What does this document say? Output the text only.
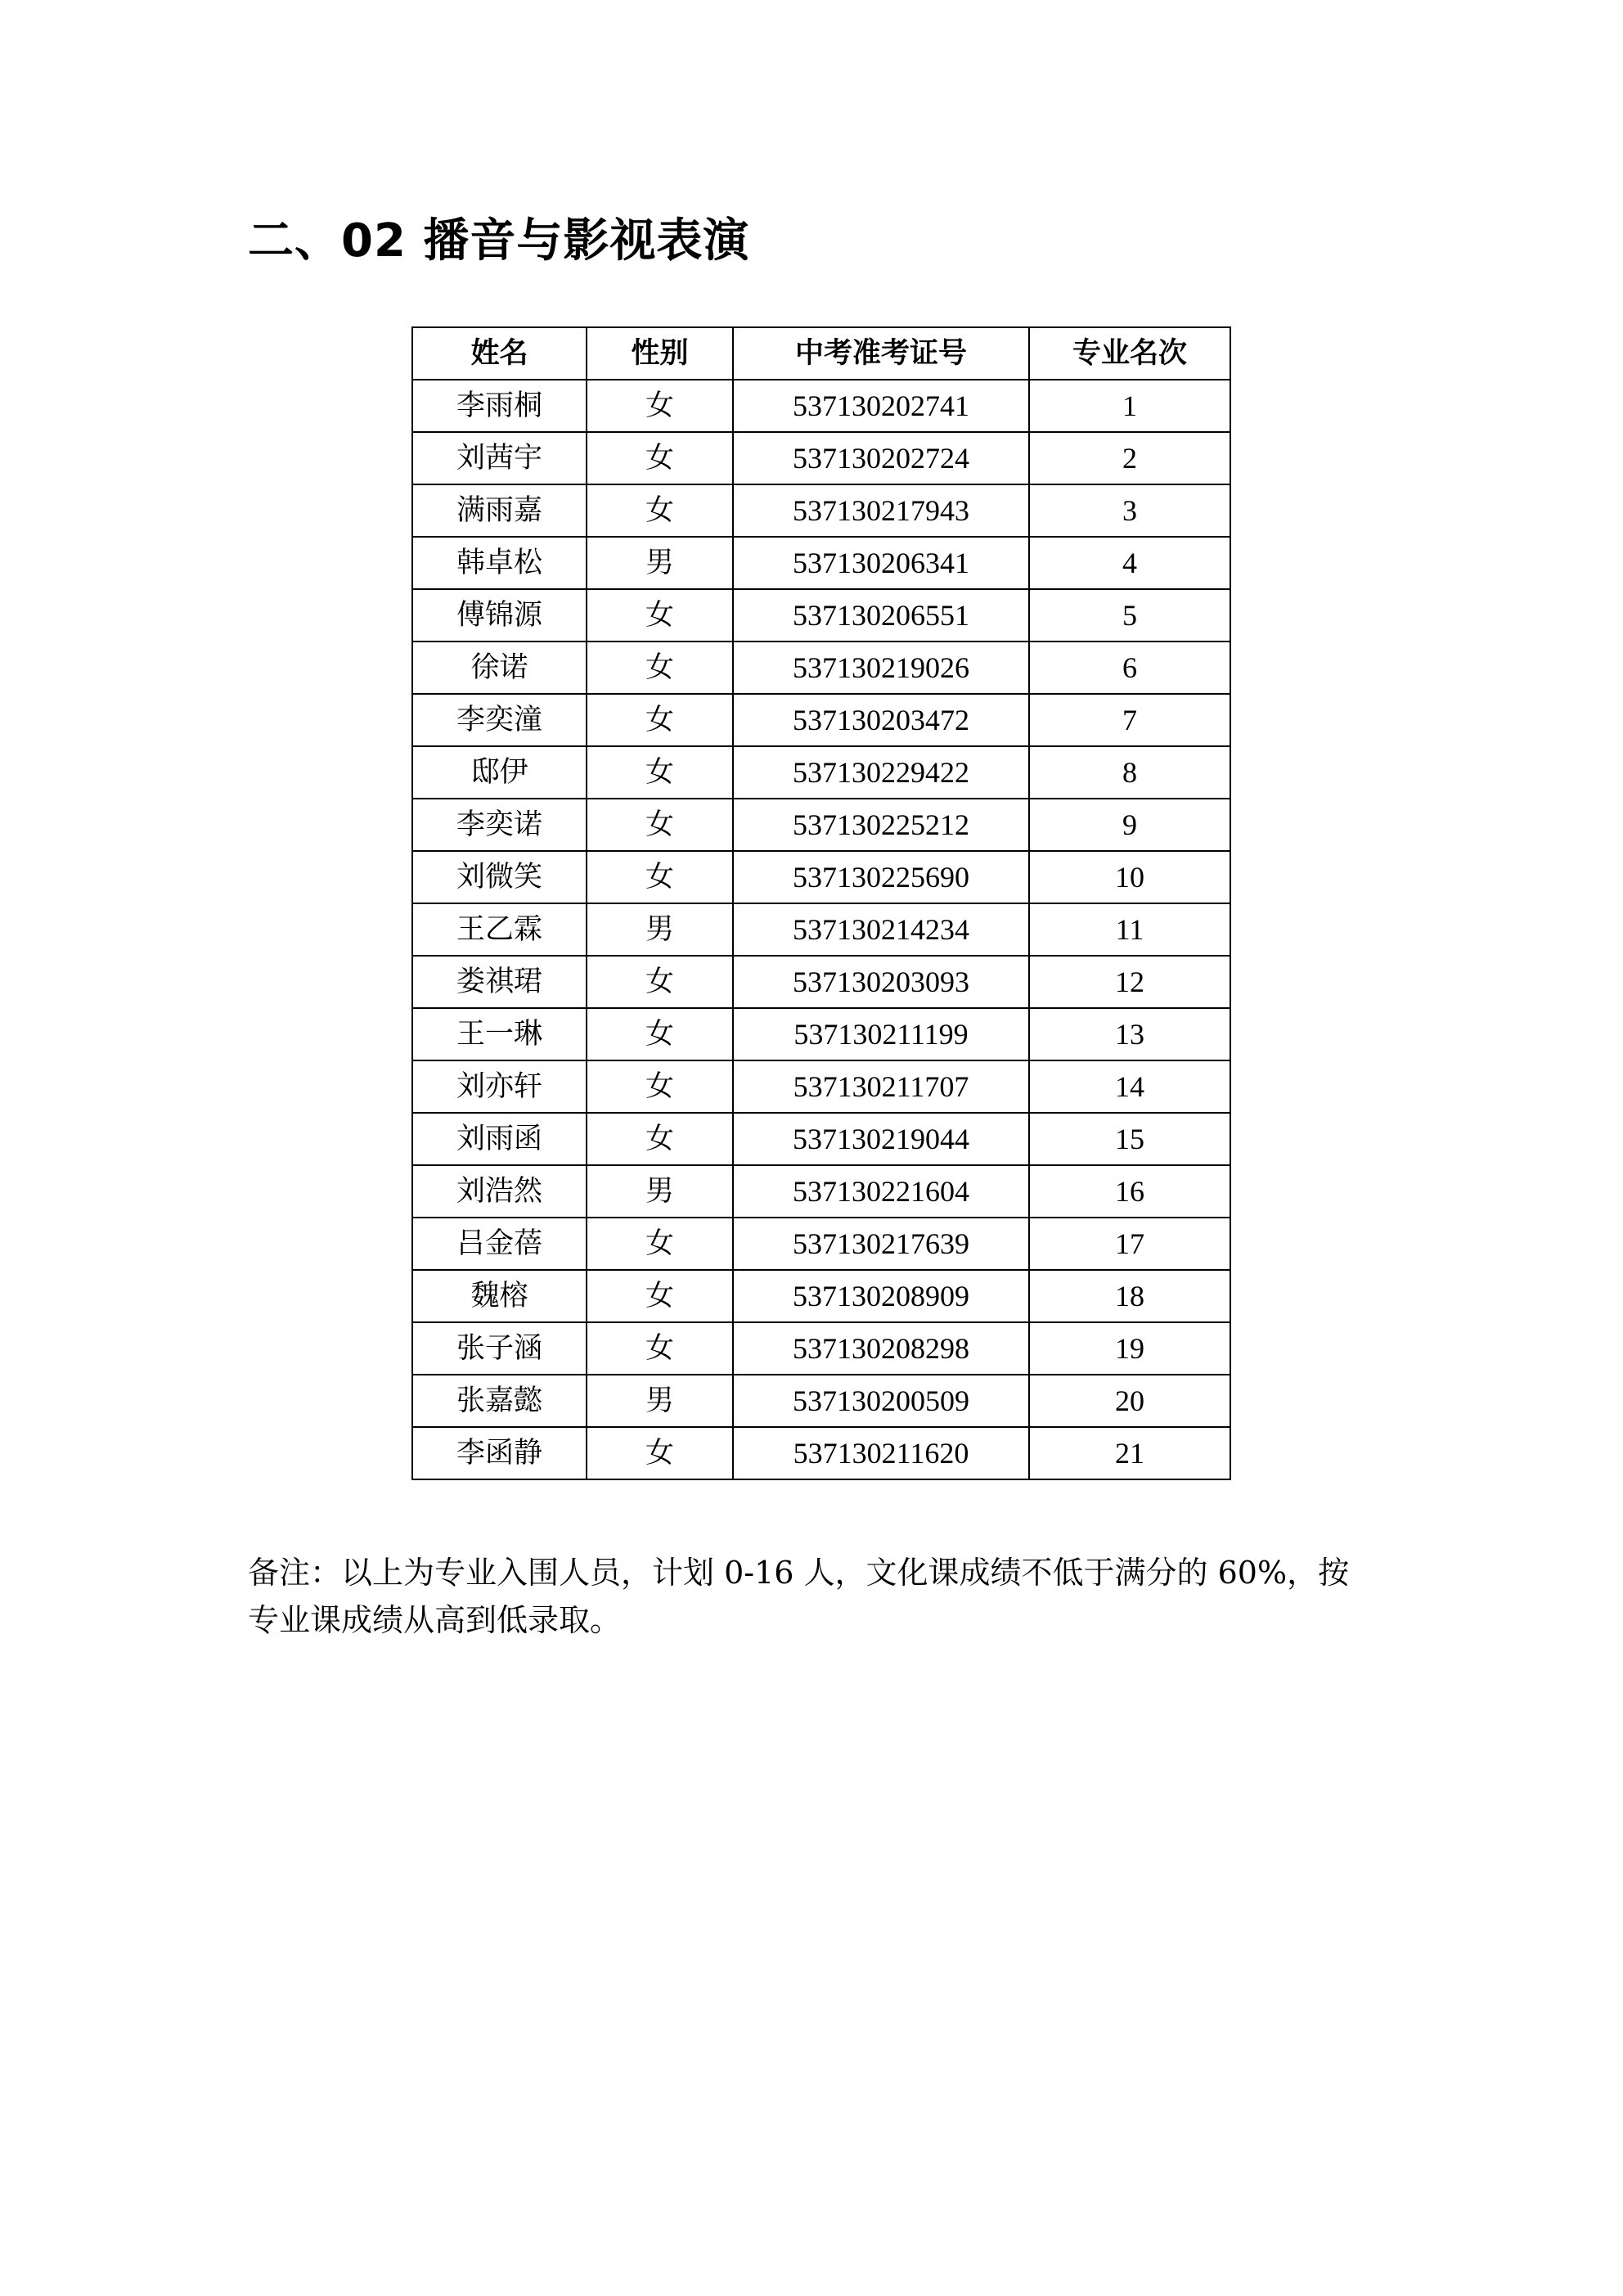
二、02 播音与影视表演
姓名	性别	中考准考证号	专业名次
李雨桐	女	537130202741	1
刘茜宇	女	537130202724	2
满雨嘉	女	537130217943	3
韩卓松	男	537130206341	4
傅锦源	女	537130206551	5
徐诺	女	537130219026	6
李奕潼	女	537130203472	7
邸伊	女	537130229422	8
李奕诺	女	537130225212	9
刘微笑	女	537130225690	10
王乙霖	男	537130214234	11
娄祺珺	女	537130203093	12
王一琳	女	537130211199	13
刘亦轩	女	537130211707	14
刘雨函	女	537130219044	15
刘浩然	男	537130221604	16
吕金蓓	女	537130217639	17
魏榕	女	537130208909	18
张子涵	女	537130208298	19
张嘉懿	男	537130200509	20
李函静	女	537130211620	21

备注：以上为专业入围人员，计划 0-16 人，文化课成绩不低于满分的 60%，按

专业课成绩从高到低录取。
